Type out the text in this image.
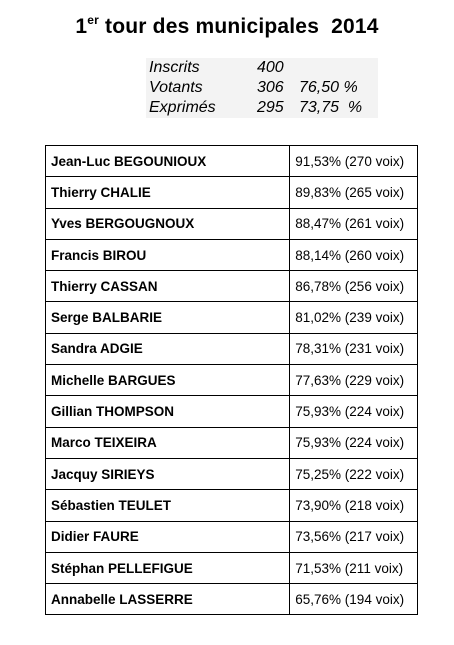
1er tour des municipales  2014
Inscrits	400
Votants	306 76,50 %
Exprimés	295 73,75  %
Jean-Luc BEGOUNIOUX	91,53% (270 voix)
Thierry CHALIE	89,83% (265 voix)
Yves BERGOUGNOUX	88,47% (261 voix)
Francis BIROU	88,14% (260 voix)
Thierry CASSAN	86,78% (256 voix)
Serge BALBARIE	81,02% (239 voix)
Sandra ADGIE	78,31% (231 voix)
Michelle BARGUES	77,63% (229 voix)
Gillian THOMPSON	75,93% (224 voix)
Marco TEIXEIRA	75,93% (224 voix)
Jacquy SIRIEYS	75,25% (222 voix)
Sébastien TEULET	73,90% (218 voix)
Didier FAURE	73,56% (217 voix)
Stéphan PELLEFIGUE	71,53% (211 voix)
Annabelle LASSERRE	65,76% (194 voix)
